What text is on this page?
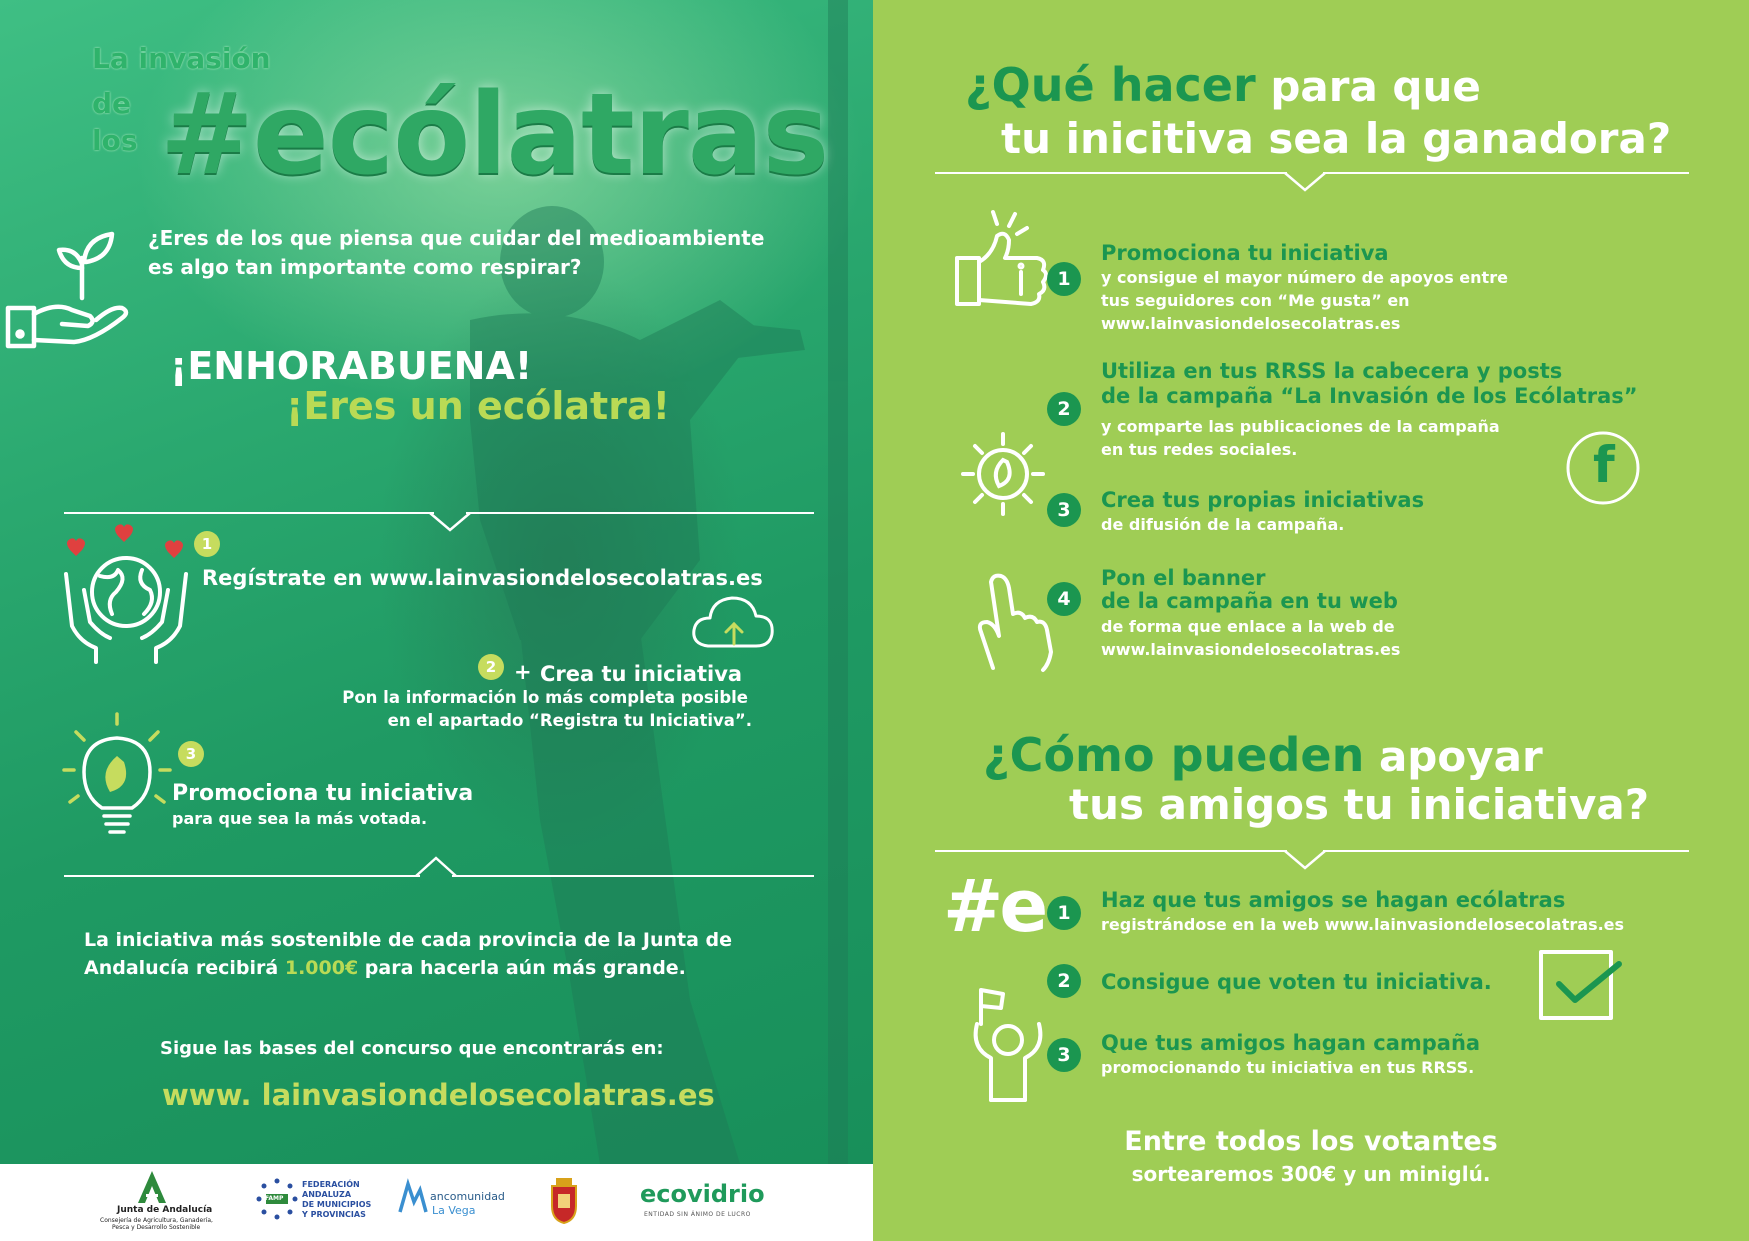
La invasión
de
los #ecólatras
¿Eres de los que piensa que cuidar del medioambiente
es algo tan importante como respirar?
¡ENHORABUENA!
¡Eres un ecólatra!
1
Regístrate en www.lainvasiondelosecolatras.es
2 + Crea tu iniciativa
Pon la información lo más completa posible
en el apartado “Registra tu Iniciativa”.
3
Promociona tu iniciativa
para que sea la más votada.
La iniciativa más sostenible de cada provincia de la Junta de
Andalucía recibirá 1.000€ para hacerla aún más grande.
Sigue las bases del concurso que encontrarás en:
www. lainvasiondelosecolatras.es
Junta de Andalucía
Consejería de Agricultura, Ganadería,
Pesca y Desarrollo Sostenible
FAMP
FEDERACIÓN
ANDALUZA
DE MUNICIPIOS
Y PROVINCIAS
ancomunidad
La Vega
ecovidrio
ENTIDAD SIN ÁNIMO DE LUCRO
¿Qué hacer para que
tu inicitiva sea la ganadora?
1
Promociona tu iniciativa
y consigue el mayor número de apoyos entre
tus seguidores con “Me gusta” en
www.lainvasiondelosecolatras.es
2
Utiliza en tus RRSS la cabecera y posts
de la campaña “La Invasión de los Ecólatras”
y comparte las publicaciones de la campaña
en tus redes sociales.	f
3	Crea tus propias iniciativas
de difusión de la campaña.
4
Pon el banner
de la campaña en tu web
de forma que enlace a la web de
www.lainvasiondelosecolatras.es
¿Cómo pueden apoyar
tus amigos tu iniciativa?
#e 1
Haz que tus amigos se hagan ecólatras
registrándose en la web www.lainvasiondelosecolatras.es
2	Consigue que voten tu iniciativa.
3	Que tus amigos hagan campaña
promocionando tu iniciativa en tus RRSS.
Entre todos los votantes
sortearemos 300€ y un miniglú.
